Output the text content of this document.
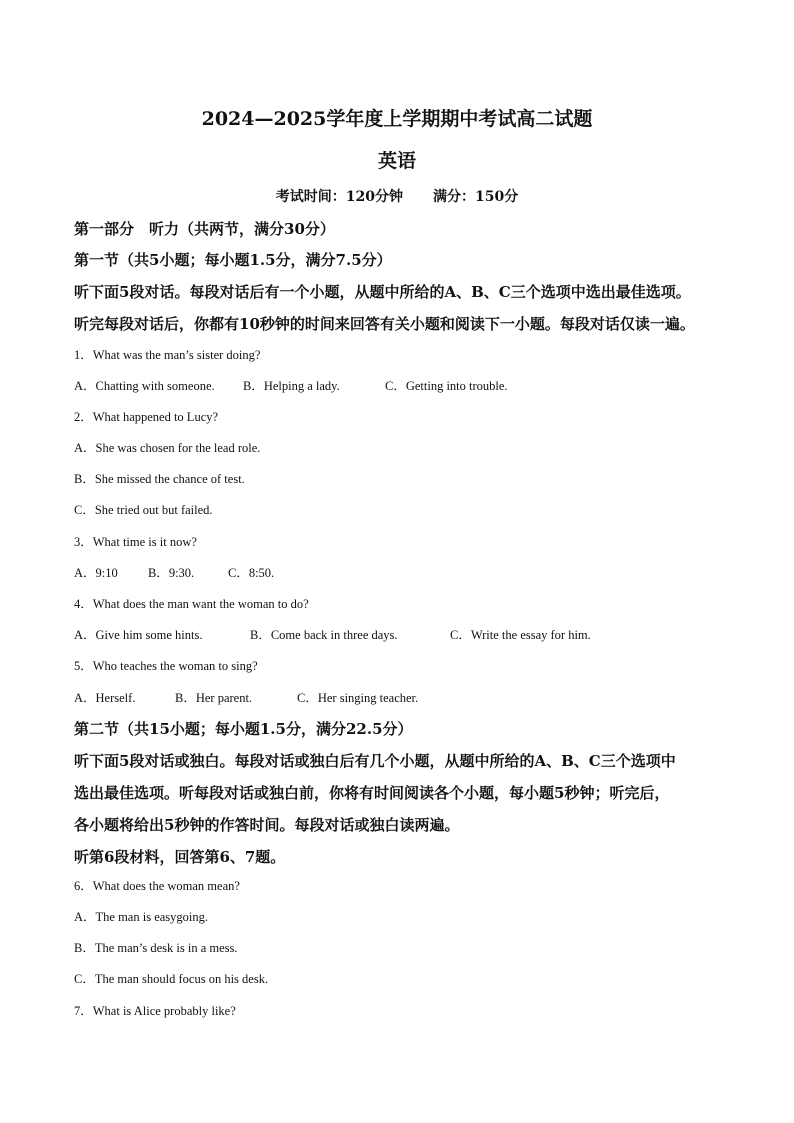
2024—2025学年度上学期期中考试高二试题
英语
考试时间：120分钟 满分：150分
第一部分　听力（共两节，满分30分）
第一节（共5小题；每小题1.5分，满分7.5分）
听下面5段对话。每段对话后有一个小题，从题中所给的A、B、C三个选项中选出最佳选项。
听完每段对话后，你都有10秒钟的时间来回答有关小题和阅读下一小题。每段对话仅读一遍。
1．What was the man’s sister doing?
A．Chatting with someone. B．Helping a lady.	C．Getting into trouble.
2．What happened to Lucy?
A．She was chosen for the lead role.
B．She missed the chance of test.
C．She tried out but failed.
3．What time is it now?
A．9:10 B．9:30.	C．8:50.
4．What does the man want the woman to do?
A．Give him some hints.	B．Come back in three days.	C．Write the essay for him.
5．Who teaches the woman to sing?
A．Herself.	B．Her parent.	C．Her singing teacher.
第二节（共15小题；每小题1.5分，满分22.5分）
听下面5段对话或独白。每段对话或独白后有几个小题，从题中所给的A、B、C三个选项中
选出最佳选项。听每段对话或独白前，你将有时间阅读各个小题，每小题5秒钟；听完后，
各小题将给出5秒钟的作答时间。每段对话或独白读两遍。
听第6段材料，回答第6、7题。
6．What does the woman mean?
A．The man is easygoing.
B．The man’s desk is in a mess.
C．The man should focus on his desk.
7．What is Alice probably like?
